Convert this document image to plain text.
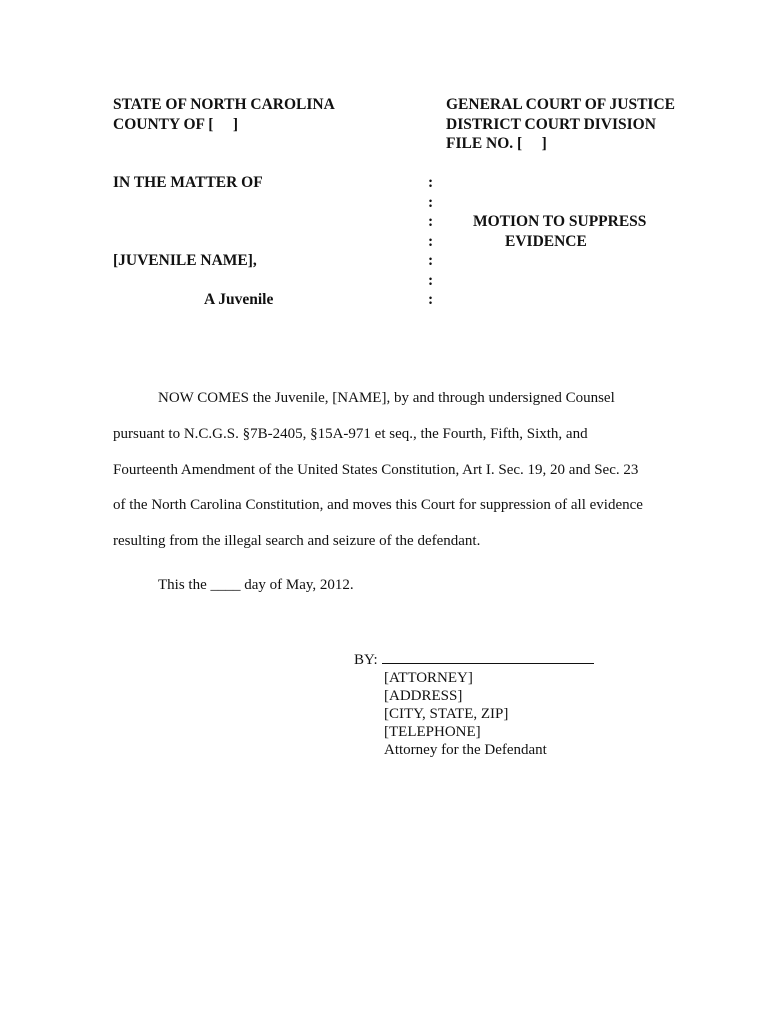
STATE OF NORTH CAROLINA
COUNTY OF [     ]
GENERAL COURT OF JUSTICE
DISTRICT COURT DIVISION
FILE NO. [     ]
IN THE MATTER OF
[JUVENILE NAME],
A Juvenile
:
:
:
:
:
:
:
MOTION TO SUPPRESS
EVIDENCE
NOW COMES the Juvenile, [NAME], by and through undersigned Counsel
pursuant to N.C.G.S. §7B-2405, §15A-971 et seq., the Fourth, Fifth, Sixth, and
Fourteenth Amendment of the United States Constitution, Art I. Sec. 19, 20 and Sec. 23
of the North Carolina Constitution, and moves this Court for suppression of all evidence
resulting from the illegal search and seizure of the defendant.
This the ____ day of May, 2012.
BY:
[ATTORNEY]
[ADDRESS]
[CITY, STATE, ZIP]
[TELEPHONE]
Attorney for the Defendant
